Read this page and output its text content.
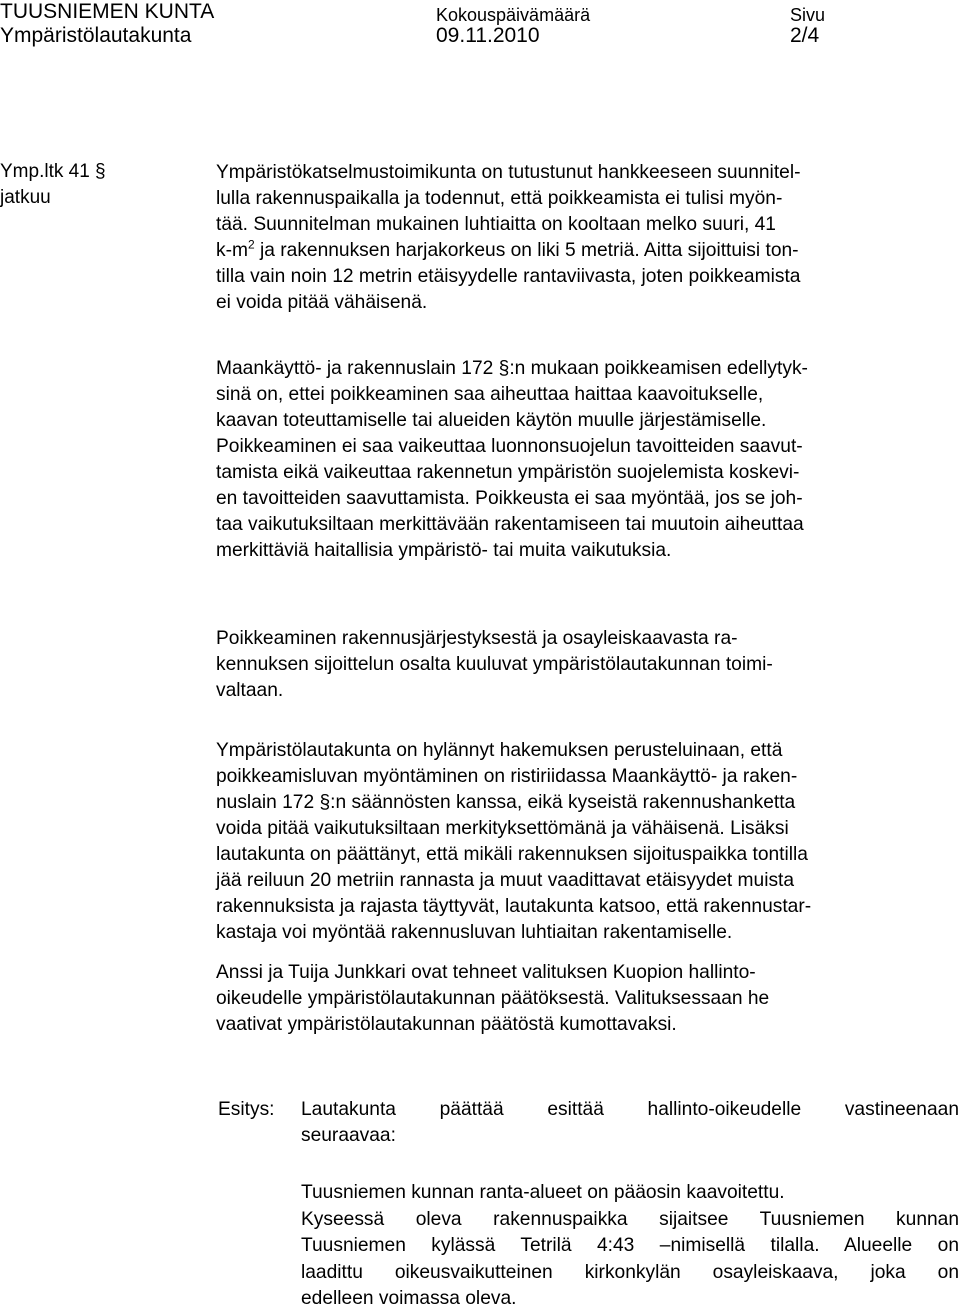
TUUSNIEMEN KUNTA
Ympäristölautakunta
Kokouspäivämäärä
09.11.2010
Sivu
2/4
Ymp.ltk 41 §
jatkuu
Ympäristökatselmustoimikunta on tutustunut hankkeeseen suunnitel-
lulla rakennuspaikalla ja todennut, että poikkeamista ei tulisi myön-
tää. Suunnitelman mukainen luhtiaitta on kooltaan melko suuri, 41
$k-m^2$ ja rakennuksen harjakorkeus on liki 5 metriä. Aitta sijoittuisi ton-
tilla vain noin 12 metrin etäisyydelle rantaviivasta, joten poikkeamista
ei voida pitää vähäisenä.
Maankäyttö- ja rakennuslain 172 §:n mukaan poikkeamisen edellytyk-
sinä on, ettei poikkeaminen saa aiheuttaa haittaa kaavoitukselle,
kaavan toteuttamiselle tai alueiden käytön muulle järjestämiselle.
Poikkeaminen ei saa vaikeuttaa luonnonsuojelun tavoitteiden saavut-
tamista eikä vaikeuttaa rakennetun ympäristön suojelemista koskevi-
en tavoitteiden saavuttamista. Poikkeusta ei saa myöntää, jos se joh-
taa vaikutuksiltaan merkittävään rakentamiseen tai muutoin aiheuttaa
merkittäviä haitallisia ympäristö- tai muita vaikutuksia.
Poikkeaminen rakennusjärjestyksestä ja osayleiskaavasta ra-
kennuksen sijoittelun osalta kuuluvat ympäristölautakunnan toimi-
valtaan.
Ympäristölautakunta on hylännyt hakemuksen perusteluinaan, että
poikkeamisluvan myöntäminen on ristiriidassa Maankäyttö- ja raken-
nuslain 172 §:n säännösten kanssa, eikä kyseistä rakennushanketta
voida pitää vaikutuksiltaan merkityksettömänä ja vähäisenä. Lisäksi
lautakunta on päättänyt, että mikäli rakennuksen sijoituspaikka tontilla
jää reiluun 20 metriin rannasta ja muut vaadittavat etäisyydet muista
rakennuksista ja rajasta täyttyvät, lautakunta katsoo, että rakennustar-
kastaja voi myöntää rakennusluvan luhtiaitan rakentamiselle.
Anssi ja Tuija Junkkari ovat tehneet valituksen Kuopion hallinto-
oikeudelle ympäristölautakunnan päätöksestä. Valituksessaan he
vaativat ympäristölautakunnan päätöstä kumottavaksi.
Esitys: Lautakunta päättää esittää hallinto-oikeudelle vastineenaan
seuraavaa:
Tuusniemen kunnan ranta-alueet on pääosin kaavoitettu.
Kyseessä oleva rakennuspaikka sijaitsee Tuusniemen kunnan
Tuusniemen kylässä Tetrilä 4:43 –nimisellä tilalla. Alueelle on
laadittu oikeusvaikutteinen kirkonkylän osayleiskaava, joka on
edelleen voimassa oleva.
